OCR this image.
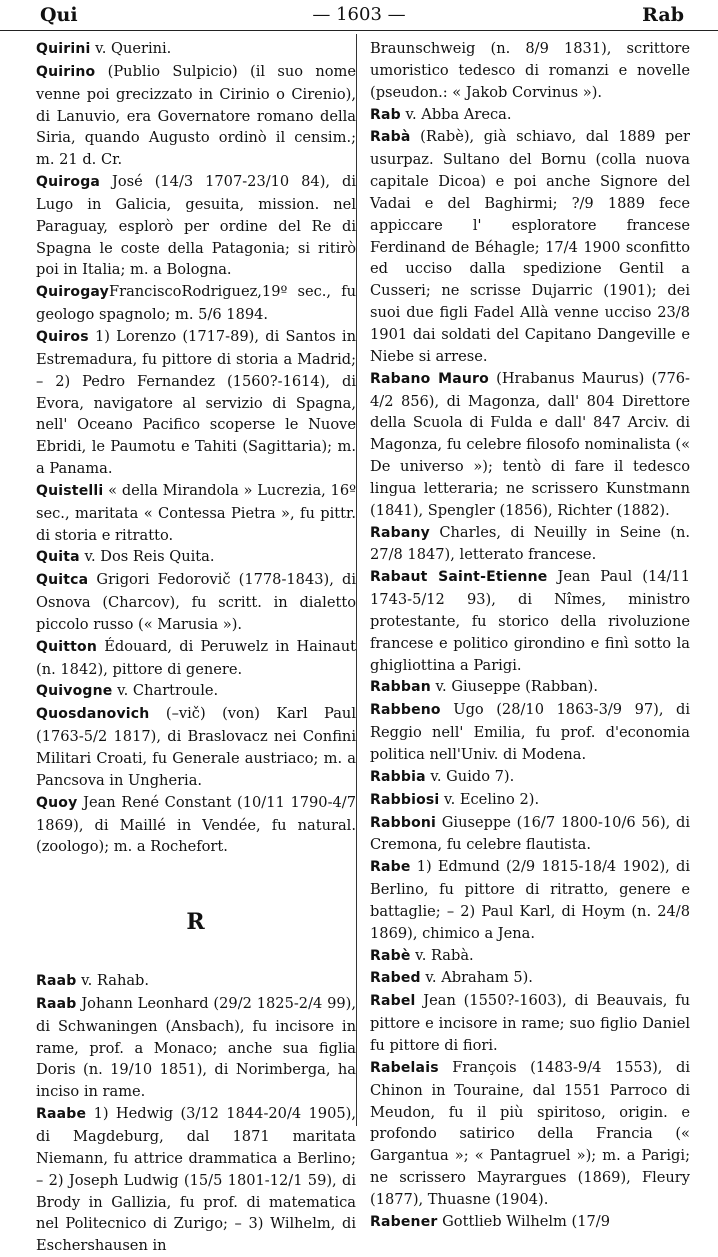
Qui	— 1603 —	Rab

Quirini v. Querini.

Quirino (Publio Sulpicio) (il suo nome venne poi grecizzato in Cirinio o Cirenio), di Lanuvio, era Governatore romano della Siria, quando Augusto ordinò il censim.; m. 21 d. Cr.

Quiroga José (14/3 1707-23/10 84), di Lugo in Galicia, gesuita, mission. nel Paraguay, esplorò per ordine del Re di Spagna le coste della Patagonia; si ritirò poi in Italia; m. a Bologna.

QuirogayFranciscoRodriguez,19º sec., fu geologo spagnolo; m. 5/6 1894.

Quiros 1) Lorenzo (1717-89), di Santos in Estremadura, fu pittore di storia a Madrid; – 2) Pedro Fernandez (1560?-1614), di Evora, navigatore al servizio di Spagna, nell' Oceano Pacifico scoperse le Nuove Ebridi, le Paumotu e Tahiti (Sagittaria); m. a Panama.

Quistelli « della Mirandola » Lucrezia, 16º sec., maritata « Contessa Pietra », fu pittr. di storia e ritratto.

Quita v. Dos Reis Quita.

Quitca Grigori Fedorovič (1778-1843), di Osnova (Charcov), fu scritt. in dialetto piccolo russo (« Marusia »).

Quitton Édouard, di Peruwelz in Hainaut (n. 1842), pittore di genere.

Quivogne v. Chartroule.

Quosdanovich (–vič) (von) Karl Paul (1763-5/2 1817), di Braslovacz nei Confini Militari Croati, fu Generale austriaco; m. a Pancsova in Ungheria.

Quoy Jean René Constant (10/11 1790-4/7 1869), di Maillé in Vendée, fu natural. (zoologo); m. a Rochefort.

R

Raab v. Rahab.

Raab Johann Leonhard (29/2 1825-2/4 99), di Schwaningen (Ansbach), fu incisore in rame, prof. a Monaco; anche sua figlia Doris (n. 19/10 1851), di Norimberga, ha inciso in rame.

Raabe 1) Hedwig (3/12 1844-20/4 1905), di Magdeburg, dal 1871 maritata Niemann, fu attrice drammatica a Berlino; – 2) Joseph Ludwig (15/5 1801-12/1 59), di Brody in Gallizia, fu prof. di matematica nel Politecnico di Zurigo; – 3) Wilhelm, di Eschershausen in

Braunschweig (n. 8/9 1831), scrittore umoristico tedesco di romanzi e novelle (pseudon.: « Jakob Corvinus »).

Rab v. Abba Areca.

Rabà (Rabè), già schiavo, dal 1889 per usurpaz. Sultano del Bornu (colla nuova capitale Dicoa) e poi anche Signore del Vadai e del Baghirmi; ?/9 1889 fece appiccare l' esploratore francese Ferdinand de Béhagle; 17/4 1900 sconfitto ed ucciso dalla spedizione Gentil a Cusseri; ne scrisse Dujarric (1901); dei suoi due figli Fadel Allà venne ucciso 23/8 1901 dai soldati del Capitano Dangeville e Niebe si arrese.

Rabano Mauro (Hrabanus Maurus) (776-4/2 856), di Magonza, dall' 804 Direttore della Scuola di Fulda e dall' 847 Arciv. di Magonza, fu celebre filosofo nominalista (« De universo »); tentò di fare il tedesco lingua letteraria; ne scrissero Kunstmann (1841), Spengler (1856), Richter (1882).

Rabany Charles, di Neuilly in Seine (n. 27/8 1847), letterato francese.

Rabaut Saint-Etienne Jean Paul (14/11 1743-5/12 93), di Nîmes, ministro protestante, fu storico della rivoluzione francese e politico girondino e finì sotto la ghigliottina a Parigi.

Rabban v. Giuseppe (Rabban).

Rabbeno Ugo (28/10 1863-3/9 97), di Reggio nell' Emilia, fu prof. d'economia politica nell'Univ. di Modena.

Rabbia v. Guido 7).

Rabbiosi v. Ecelino 2).

Rabboni Giuseppe (16/7 1800-10/6 56), di Cremona, fu celebre flautista.

Rabe 1) Edmund (2/9 1815-18/4 1902), di Berlino, fu pittore di ritratto, genere e battaglie; – 2) Paul Karl, di Hoym (n. 24/8 1869), chimico a Jena.

Rabè v. Rabà.

Rabed v. Abraham 5).

Rabel Jean (1550?-1603), di Beauvais, fu pittore e incisore in rame; suo figlio Daniel fu pittore di fiori.

Rabelais François (1483-9/4 1553), di Chinon in Touraine, dal 1551 Parroco di Meudon, fu il più spiritoso, origin. e profondo satirico della Francia (« Gargantua »; « Pantagruel »); m. a Parigi; ne scrissero Mayrargues (1869), Fleury (1877), Thuasne (1904).

Rabener Gottlieb Wilhelm (17/9
